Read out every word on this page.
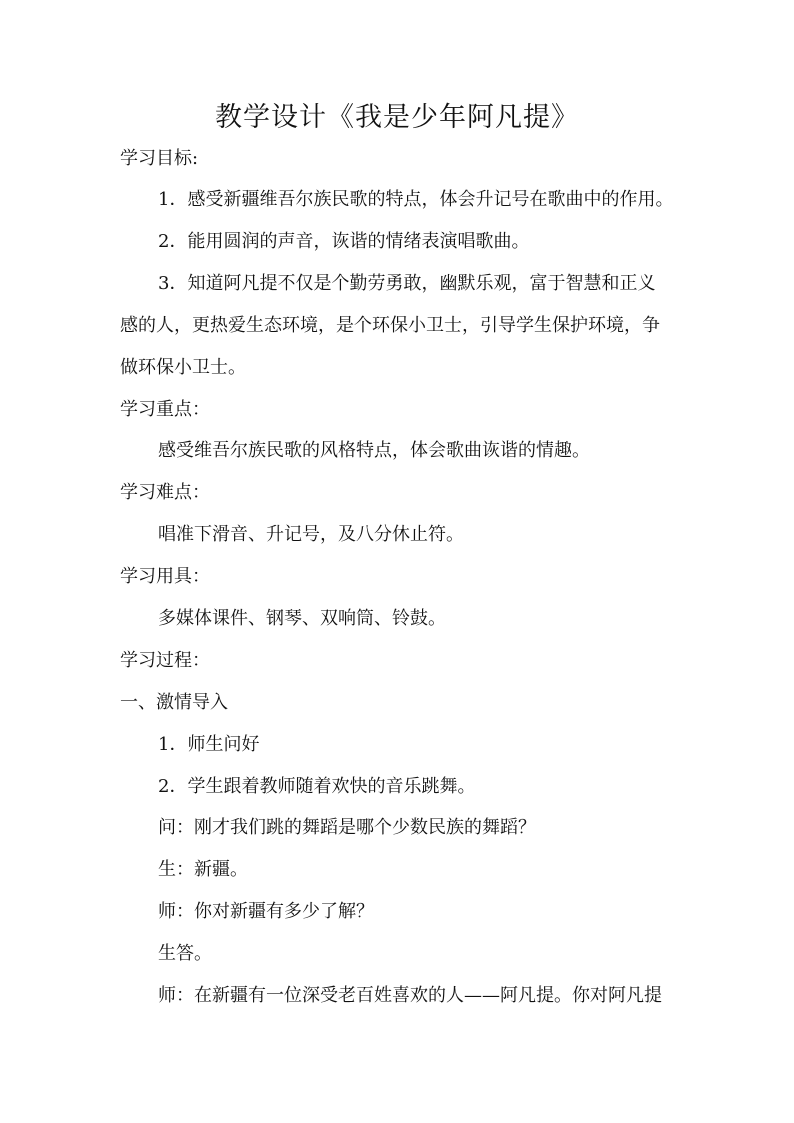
教学设计《我是少年阿凡提》
学习目标:
1．感受新疆维吾尔族民歌的特点，体会升记号在歌曲中的作用。
2．能用圆润的声音，诙谐的情绪表演唱歌曲。
3．知道阿凡提不仅是个勤劳勇敢，幽默乐观，富于智慧和正义
感的人，更热爱生态环境，是个环保小卫士，引导学生保护环境，争
做环保小卫士。
学习重点：
感受维吾尔族民歌的风格特点，体会歌曲诙谐的情趣。
学习难点：
唱准下滑音、升记号，及八分休止符。
学习用具：
多媒体课件、钢琴、双响筒、铃鼓。
学习过程：
一、激情导入
1．师生问好
2．学生跟着教师随着欢快的音乐跳舞。
问：刚才我们跳的舞蹈是哪个少数民族的舞蹈？
生：新疆。
师：你对新疆有多少了解？
生答。
师：在新疆有一位深受老百姓喜欢的人——阿凡提。你对阿凡提
